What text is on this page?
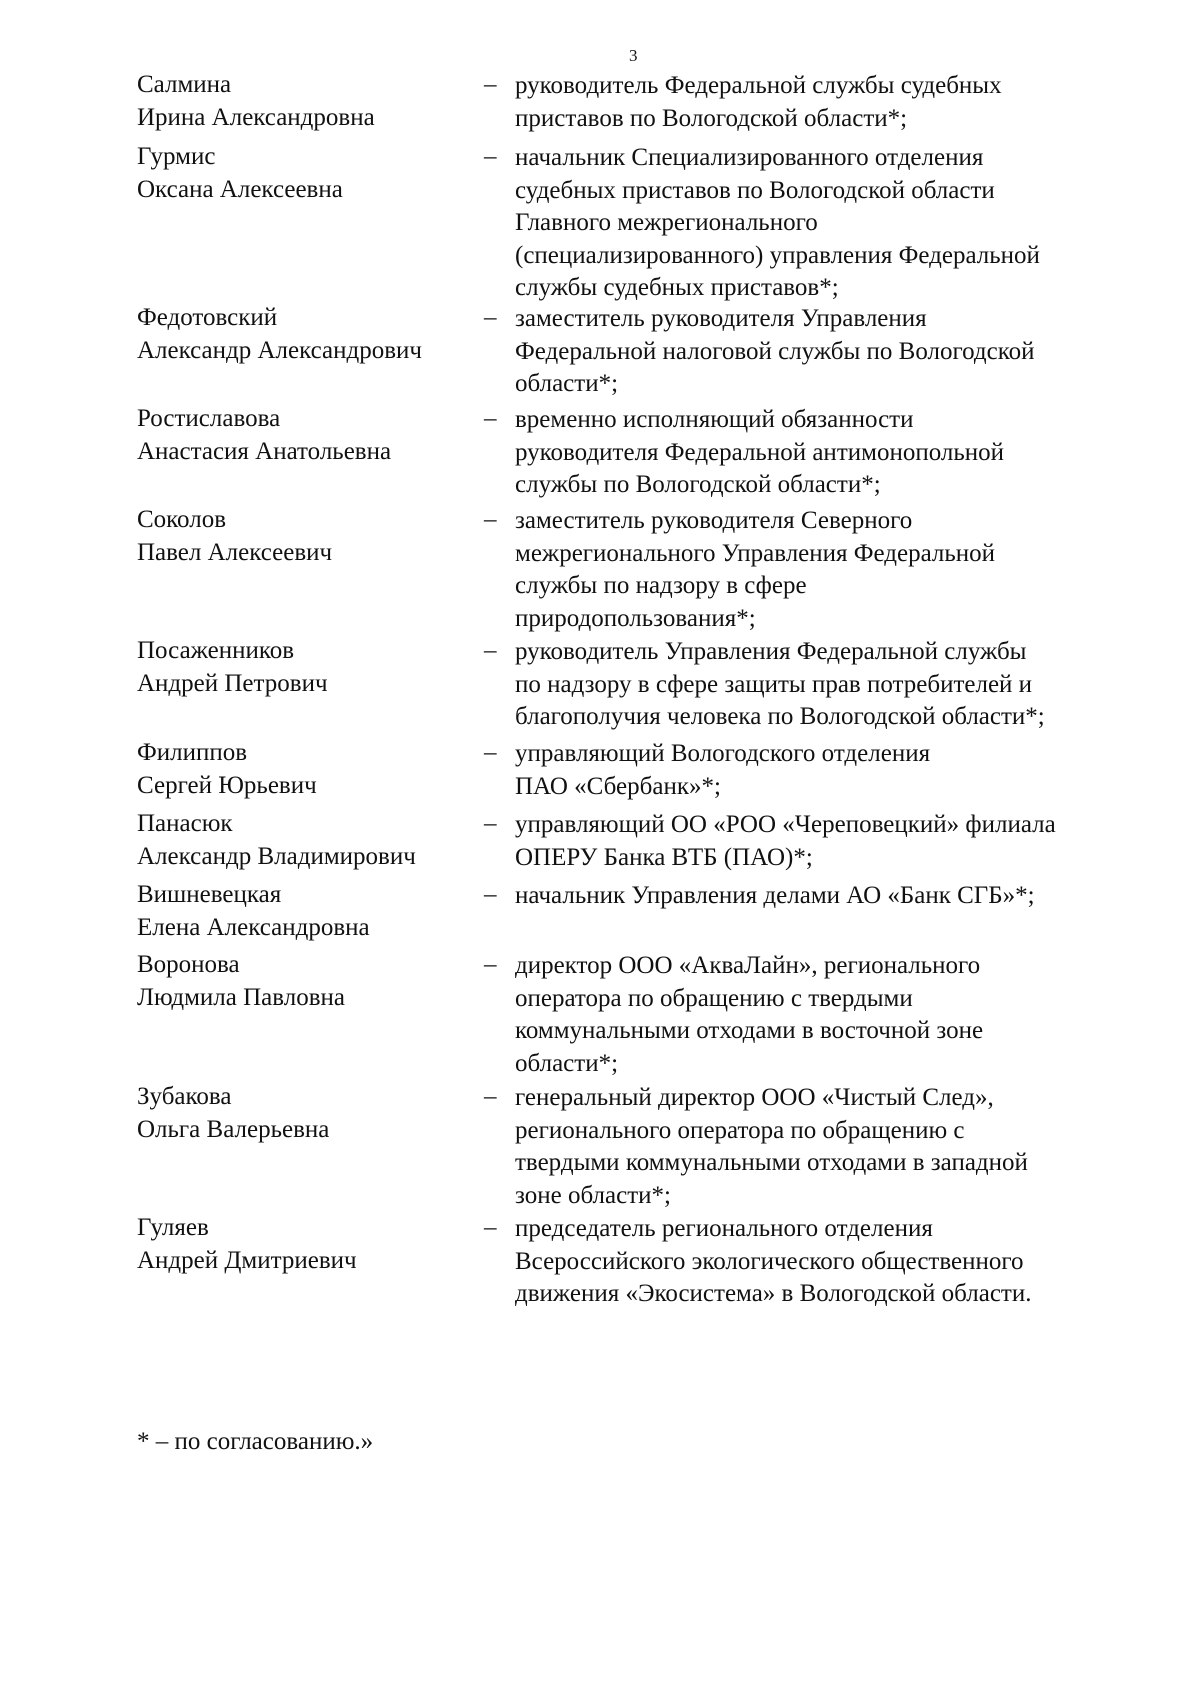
3
Салмина
Ирина Александровна
– руководитель Федеральной службы судебных
приставов по Вологодской области*;
Гурмис
Оксана Алексеевна
– начальник Специализированного отделения
судебных приставов по Вологодской области
Главного межрегионального
(специализированного) управления Федеральной
службы судебных приставов*;
Федотовский
Александр Александрович
– заместитель руководителя Управления
Федеральной налоговой службы по Вологодской
области*;
Ростиславова
Анастасия Анатольевна
– временно исполняющий обязанности
руководителя Федеральной антимонопольной
службы по Вологодской области*;
Соколов
Павел Алексеевич
– заместитель руководителя Северного
межрегионального Управления Федеральной
службы по надзору в сфере
природопользования*;
Посаженников
Андрей Петрович
– руководитель Управления Федеральной службы
по надзору в сфере защиты прав потребителей и
благополучия человека по Вологодской области*;
Филиппов
Сергей Юрьевич
– управляющий Вологодского отделения
ПАО «Сбербанк»*;
Панасюк
Александр Владимирович
– управляющий ОО «РОО «Череповецкий» филиала
ОПЕРУ Банка ВТБ (ПАО)*;
Вишневецкая
Елена Александровна
– начальник Управления делами АО «Банк СГБ»*;
Воронова
Людмила Павловна
– директор ООО «АкваЛайн», регионального
оператора по обращению с твердыми
коммунальными отходами в восточной зоне
области*;
Зубакова
Ольга Валерьевна
– генеральный директор ООО «Чистый След»,
регионального оператора по обращению с
твердыми коммунальными отходами в западной
зоне области*;
Гуляев
Андрей Дмитриевич
– председатель регионального отделения
Всероссийского экологического общественного
движения «Экосистема» в Вологодской области.
* – по согласованию.»
